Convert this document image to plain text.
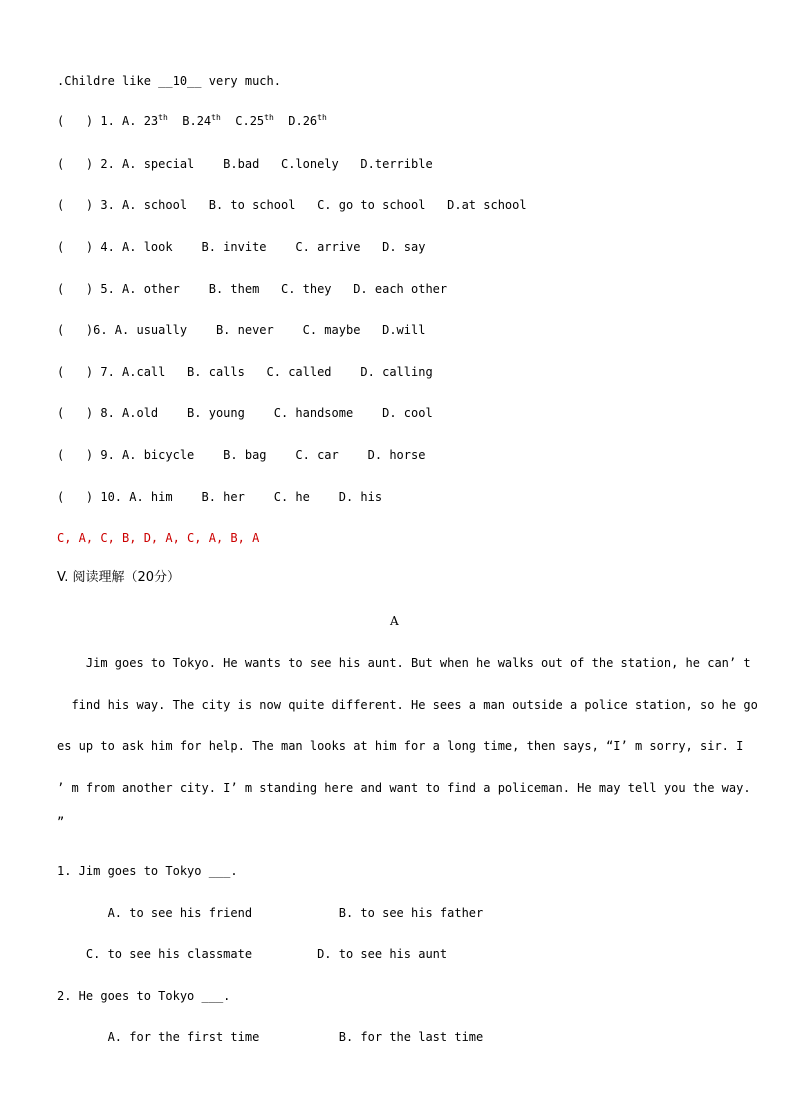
.Childre like __10__ very much.
(   ) 1. A. 23th  B.24th  C.25th  D.26th
(   ) 2. A. special    B.bad   C.lonely   D.terrible
(   ) 3. A. school   B. to school   C. go to school   D.at school
(   ) 4. A. look    B. invite    C. arrive   D. say
(   ) 5. A. other    B. them   C. they   D. each other
(   )6. A. usually    B. never    C. maybe   D.will
(   ) 7. A.call   B. calls   C. called    D. calling
(   ) 8. A.old    B. young    C. handsome    D. cool
(   ) 9. A. bicycle    B. bag    C. car    D. horse
(   ) 10. A. him    B. her    C. he    D. his
C, A, C, B, D, A, C, A, B, A
V. 阅读理解（20分）
A
Jim goes to Tokyo. He wants to see his aunt. But when he walks out of the station, he can’ t
find his way. The city is now quite different. He sees a man outside a police station, so he go
es up to ask him for help. The man looks at him for a long time, then says, “I’ m sorry, sir. I
’ m from another city. I’ m standing here and want to find a policeman. He may tell you the way.
”
1. Jim goes to Tokyo ___.
A. to see his friend            B. to see his father
C. to see his classmate         D. to see his aunt
2. He goes to Tokyo ___.
A. for the first time           B. for the last time
